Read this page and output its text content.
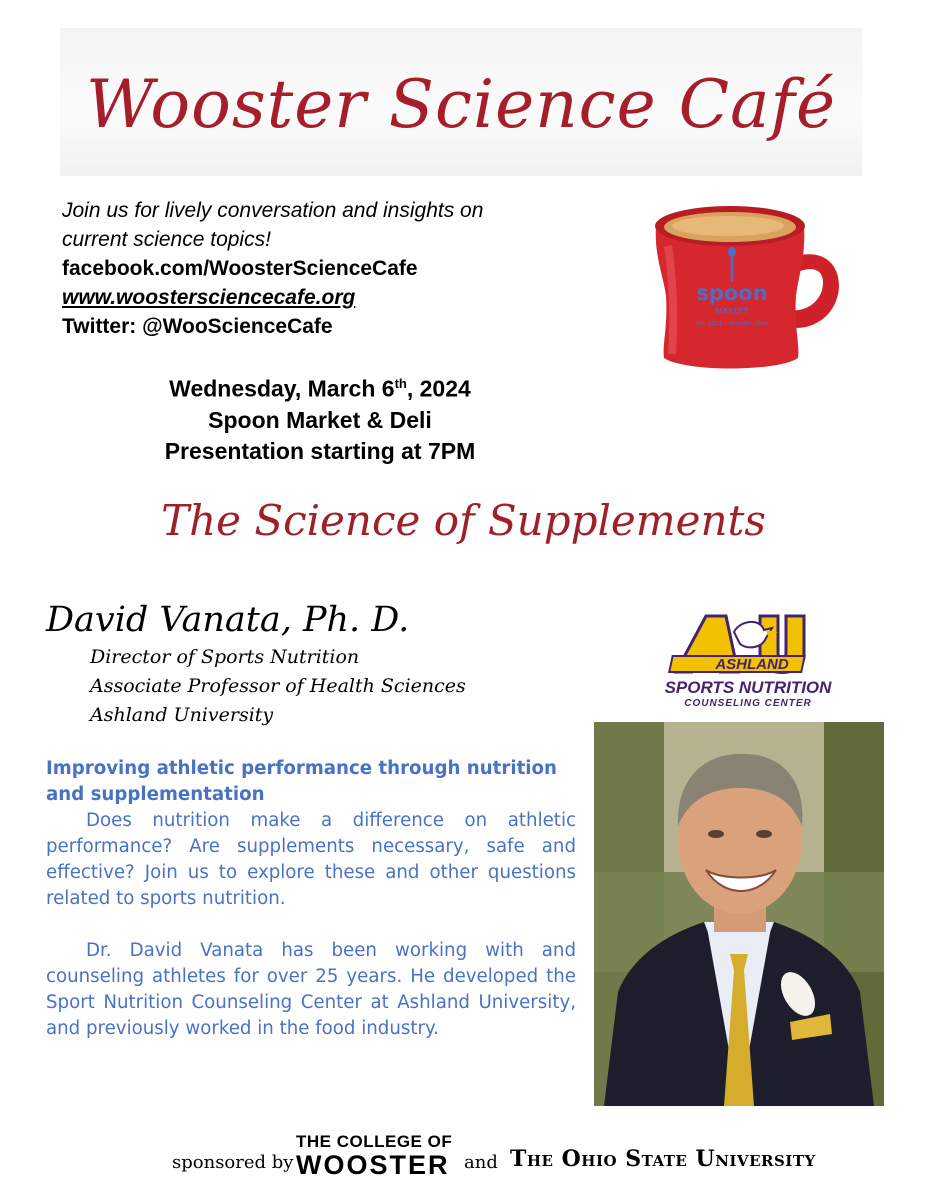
Wooster Science Café
Join us for lively conversation and insights on
current science topics!
facebook.com/WoosterScienceCafe
www.woostersciencecafe.org
Twitter: @WooScienceCafe
spoon
MARKET
est. 2011 • Wooster, Ohio
Wednesday, March 6th, 2024
Spoon Market & Deli
Presentation starting at 7PM
The Science of Supplements
David Vanata, Ph. D.
Director of Sports Nutrition
Associate Professor of Health Sciences
Ashland University
ASHLAND
SPORTS NUTRITION
COUNSELING CENTER
Improving athletic performance through nutrition and supplementation

Does nutrition make a difference on athletic performance? Are supplements necessary, safe and effective? Join us to explore these and other questions related to sports nutrition.

Dr. David Vanata has been working with and counseling athletes for over 25 years. He developed the Sport Nutrition Counseling Center at Ashland University, and previously worked in the food industry.

sponsored by
THE COLLEGE OF
WOOSTER and The Ohio State University
